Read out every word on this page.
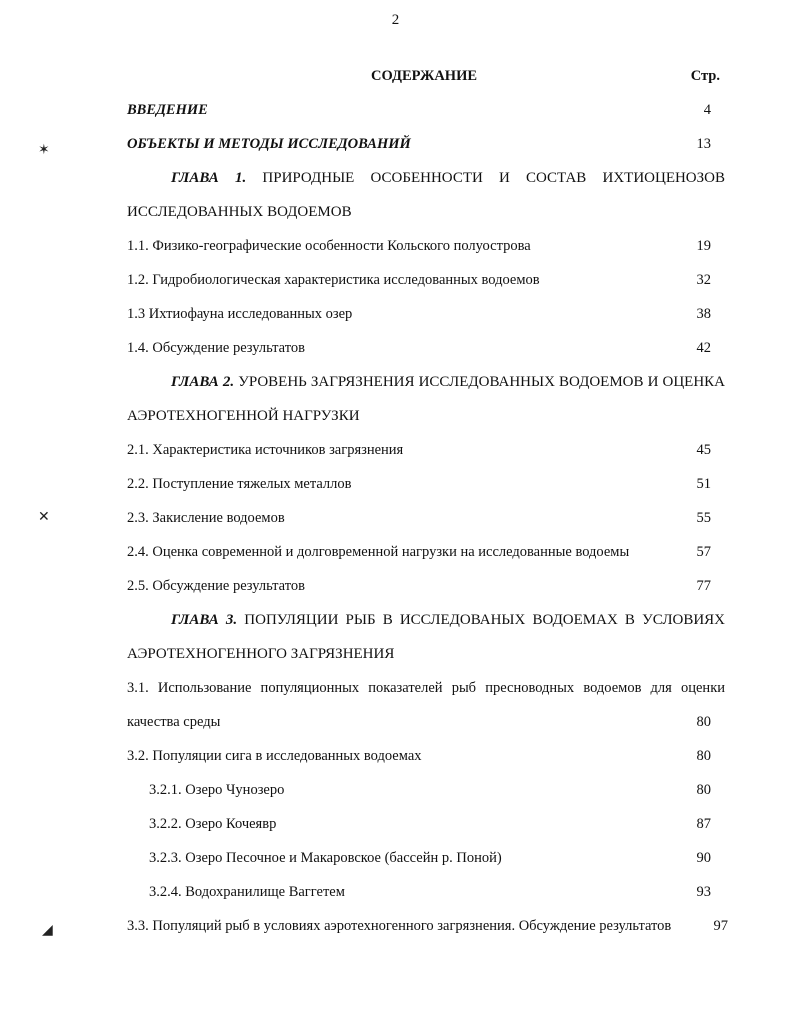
2
СОДЕРЖАНИЕ	Стр.
ВВЕДЕНИЕ	4
ОБЪЕКТЫ И МЕТОДЫ ИССЛЕДОВАНИЙ	13
ГЛАВА 1. ПРИРОДНЫЕ ОСОБЕННОСТИ И СОСТАВ ИХТИОЦЕНОЗОВ
ИССЛЕДОВАННЫХ ВОДОЕМОВ
1.1. Физико-географические особенности Кольского полуострова	19
1.2. Гидробиологическая характеристика исследованных водоемов	32
1.3 Ихтиофауна исследованных озер	38
1.4. Обсуждение результатов	42
ГЛАВА 2. УРОВЕНЬ ЗАГРЯЗНЕНИЯ ИССЛЕДОВАННЫХ ВОДОЕМОВ И ОЦЕНКА
АЭРОТЕХНОГЕННОЙ НАГРУЗКИ
2.1. Характеристика источников загрязнения	45
2.2. Поступление тяжелых металлов	51
2.3. Закисление водоемов	55
2.4. Оценка современной и долговременной нагрузки на исследованные водоемы	57
2.5. Обсуждение результатов	77
ГЛАВА 3. ПОПУЛЯЦИИ РЫБ В ИССЛЕДОВАНЫХ ВОДОЕМАХ В УСЛОВИЯХ
АЭРОТЕХНОГЕННОГО ЗАГРЯЗНЕНИЯ
3.1. Использование популяционных показателей рыб пресноводных водоемов для оценки
качества среды	80
3.2. Популяции сига в исследованных водоемах	80
3.2.1. Озеро Чунозеро	80
3.2.2. Озеро Кочеявр	87
3.2.3. Озеро Песочное и Макаровское (бассейн р. Поной)	90
3.2.4. Водохранилище Ваггетем	93
3.3. Популяций рыб в условиях аэротехногенного загрязнения. Обсуждение результатов	97
✶
✕
◢
